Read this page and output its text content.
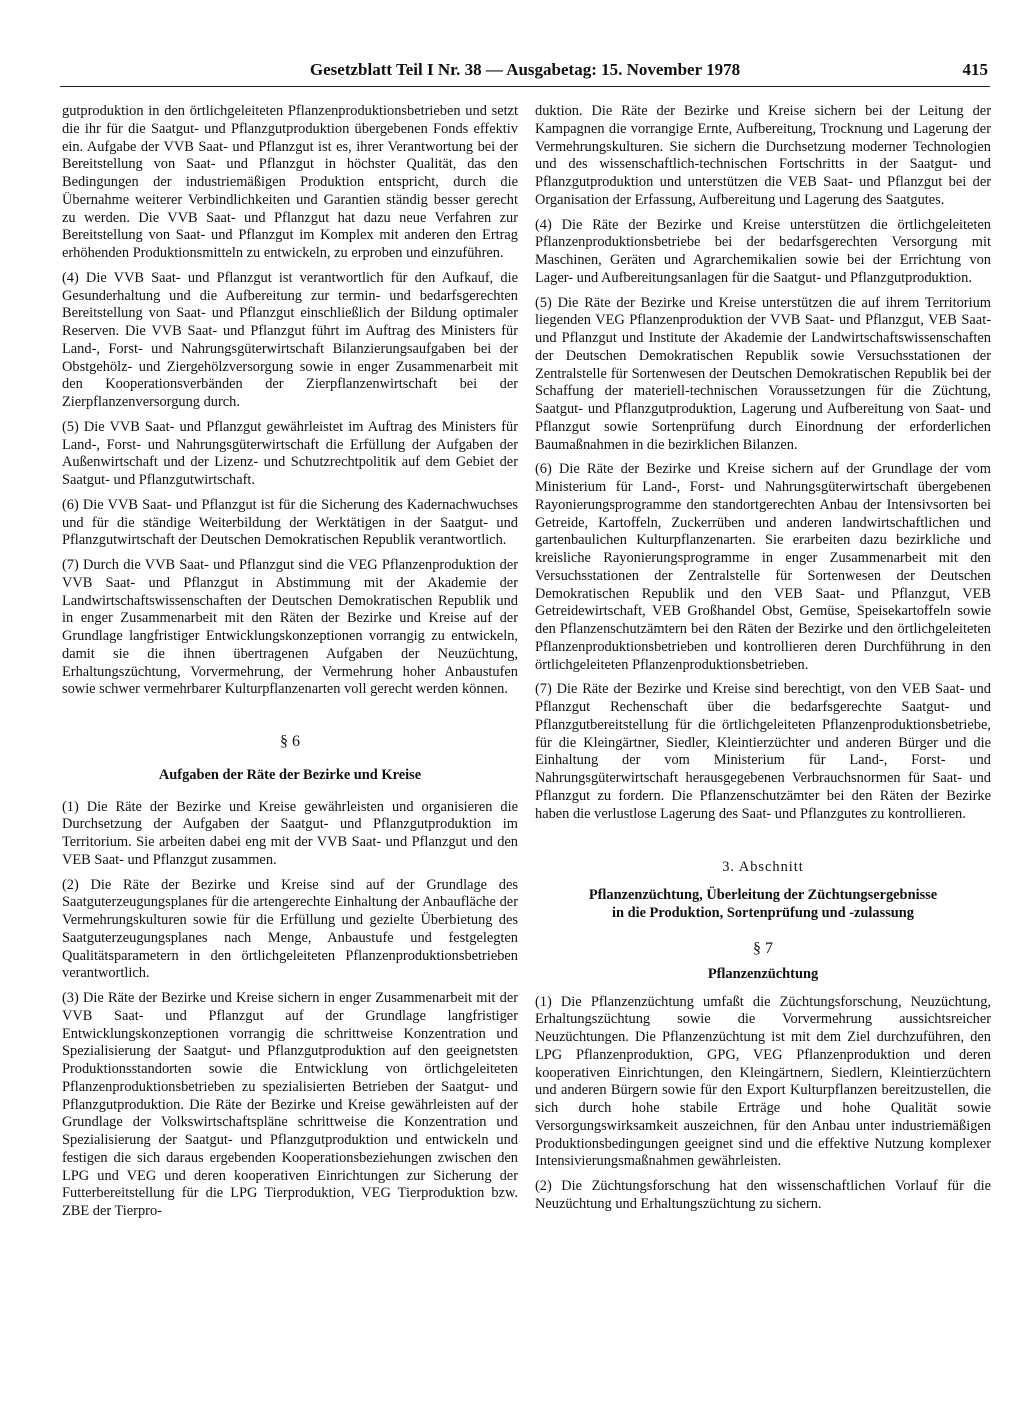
Gesetzblatt Teil I Nr. 38 — Ausgabetag: 15. November 1978	415

gutproduktion in den örtlichgeleiteten Pflanzenproduktionsbetrieben und setzt die ihr für die Saatgut- und Pflanzgutproduktion übergebenen Fonds effektiv ein. Aufgabe der VVB Saat- und Pflanzgut ist es, ihrer Verantwortung bei der Bereitstellung von Saat- und Pflanzgut in höchster Qualität, das den Bedingungen der industriemäßigen Produktion entspricht, durch die Übernahme weiterer Verbindlichkeiten und Garantien ständig besser gerecht zu werden. Die VVB Saat- und Pflanzgut hat dazu neue Verfahren zur Bereitstellung von Saat- und Pflanzgut im Komplex mit anderen den Ertrag erhöhenden Produktionsmitteln zu entwickeln, zu erproben und einzuführen.

(4) Die VVB Saat- und Pflanzgut ist verantwortlich für den Aufkauf, die Gesunderhaltung und die Aufbereitung zur termin- und bedarfsgerechten Bereitstellung von Saat- und Pflanzgut einschließlich der Bildung optimaler Reserven. Die VVB Saat- und Pflanzgut führt im Auftrag des Ministers für Land-, Forst- und Nahrungsgüterwirtschaft Bilanzierungsaufgaben bei der Obstgehölz- und Ziergehölzversorgung sowie in enger Zusammenarbeit mit den Kooperationsverbänden der Zierpflanzenwirtschaft bei der Zierpflanzenversorgung durch.

(5) Die VVB Saat- und Pflanzgut gewährleistet im Auftrag des Ministers für Land-, Forst- und Nahrungsgüterwirtschaft die Erfüllung der Aufgaben der Außenwirtschaft und der Lizenz- und Schutzrechtpolitik auf dem Gebiet der Saatgut- und Pflanzgutwirtschaft.

(6) Die VVB Saat- und Pflanzgut ist für die Sicherung des Kadernachwuchses und für die ständige Weiterbildung der Werktätigen in der Saatgut- und Pflanzgutwirtschaft der Deutschen Demokratischen Republik verantwortlich.

(7) Durch die VVB Saat- und Pflanzgut sind die VEG Pflanzenproduktion der VVB Saat- und Pflanzgut in Abstimmung mit der Akademie der Landwirtschaftswissenschaften der Deutschen Demokratischen Republik und in enger Zusammenarbeit mit den Räten der Bezirke und Kreise auf der Grundlage langfristiger Entwicklungskonzeptionen vorrangig zu entwickeln, damit sie die ihnen übertragenen Aufgaben der Neuzüchtung, Erhaltungszüchtung, Vorvermehrung, der Vermehrung hoher Anbaustufen sowie schwer vermehrbarer Kulturpflanzenarten voll gerecht werden können.

§ 6
Aufgaben der Räte der Bezirke und Kreise

(1) Die Räte der Bezirke und Kreise gewährleisten und organisieren die Durchsetzung der Aufgaben der Saatgut- und Pflanzgutproduktion im Territorium. Sie arbeiten dabei eng mit der VVB Saat- und Pflanzgut und den VEB Saat- und Pflanzgut zusammen.

(2) Die Räte der Bezirke und Kreise sind auf der Grundlage des Saatguterzeugungsplanes für die artengerechte Einhaltung der Anbaufläche der Vermehrungskulturen sowie für die Erfüllung und gezielte Überbietung des Saatguterzeugungsplanes nach Menge, Anbaustufe und festgelegten Qualitätsparametern in den örtlichgeleiteten Pflanzenproduktionsbetrieben verantwortlich.

(3) Die Räte der Bezirke und Kreise sichern in enger Zusammenarbeit mit der VVB Saat- und Pflanzgut auf der Grundlage langfristiger Entwicklungskonzeptionen vorrangig die schrittweise Konzentration und Spezialisierung der Saatgut- und Pflanzgutproduktion auf den geeignetsten Produktionsstandorten sowie die Entwicklung von örtlichgeleiteten Pflanzenproduktionsbetrieben zu spezialisierten Betrieben der Saatgut- und Pflanzgutproduktion. Die Räte der Bezirke und Kreise gewährleisten auf der Grundlage der Volkswirtschaftspläne schrittweise die Konzentration und Spezialisierung der Saatgut- und Pflanzgutproduktion und entwickeln und festigen die sich daraus ergebenden Kooperationsbeziehungen zwischen den LPG und VEG und deren kooperativen Einrichtungen zur Sicherung der Futterbereitstellung für die LPG Tierproduktion, VEG Tierproduktion bzw. ZBE der Tierpro-

duktion. Die Räte der Bezirke und Kreise sichern bei der Leitung der Kampagnen die vorrangige Ernte, Aufbereitung, Trocknung und Lagerung der Vermehrungskulturen. Sie sichern die Durchsetzung moderner Technologien und des wissenschaftlich-technischen Fortschritts in der Saatgut- und Pflanzgutproduktion und unterstützen die VEB Saat- und Pflanzgut bei der Organisation der Erfassung, Aufbereitung und Lagerung des Saatgutes.

(4) Die Räte der Bezirke und Kreise unterstützen die örtlichgeleiteten Pflanzenproduktionsbetriebe bei der bedarfsgerechten Versorgung mit Maschinen, Geräten und Agrarchemikalien sowie bei der Errichtung von Lager- und Aufbereitungsanlagen für die Saatgut- und Pflanzgutproduktion.

(5) Die Räte der Bezirke und Kreise unterstützen die auf ihrem Territorium liegenden VEG Pflanzenproduktion der VVB Saat- und Pflanzgut, VEB Saat- und Pflanzgut und Institute der Akademie der Landwirtschaftswissenschaften der Deutschen Demokratischen Republik sowie Versuchsstationen der Zentralstelle für Sortenwesen der Deutschen Demokratischen Republik bei der Schaffung der materiell-technischen Voraussetzungen für die Züchtung, Saatgut- und Pflanzgutproduktion, Lagerung und Aufbereitung von Saat- und Pflanzgut sowie Sortenprüfung durch Einordnung der erforderlichen Baumaßnahmen in die bezirklichen Bilanzen.

(6) Die Räte der Bezirke und Kreise sichern auf der Grundlage der vom Ministerium für Land-, Forst- und Nahrungsgüterwirtschaft übergebenen Rayonierungsprogramme den standortgerechten Anbau der Intensivsorten bei Getreide, Kartoffeln, Zuckerrüben und anderen landwirtschaftlichen und gartenbaulichen Kulturpflanzenarten. Sie erarbeiten dazu bezirkliche und kreisliche Rayonierungsprogramme in enger Zusammenarbeit mit den Versuchsstationen der Zentralstelle für Sortenwesen der Deutschen Demokratischen Republik und den VEB Saat- und Pflanzgut, VEB Getreidewirtschaft, VEB Großhandel Obst, Gemüse, Speisekartoffeln sowie den Pflanzenschutzämtern bei den Räten der Bezirke und den örtlichgeleiteten Pflanzenproduktionsbetrieben und kontrollieren deren Durchführung in den örtlichgeleiteten Pflanzenproduktionsbetrieben.

(7) Die Räte der Bezirke und Kreise sind berechtigt, von den VEB Saat- und Pflanzgut Rechenschaft über die bedarfsgerechte Saatgut- und Pflanzgutbereitstellung für die örtlichgeleiteten Pflanzenproduktionsbetriebe, für die Kleingärtner, Siedler, Kleintierzüchter und anderen Bürger und die Einhaltung der vom Ministerium für Land-, Forst- und Nahrungsgüterwirtschaft herausgegebenen Verbrauchsnormen für Saat- und Pflanzgut zu fordern. Die Pflanzenschutzämter bei den Räten der Bezirke haben die verlustlose Lagerung des Saat- und Pflanzgutes zu kontrollieren.

3. Abschnitt
Pflanzenzüchtung, Überleitung der Züchtungsergebnisse
in die Produktion, Sortenprüfung und -zulassung
§ 7
Pflanzenzüchtung

(1) Die Pflanzenzüchtung umfaßt die Züchtungsforschung, Neuzüchtung, Erhaltungszüchtung sowie die Vorvermehrung aussichtsreicher Neuzüchtungen. Die Pflanzenzüchtung ist mit dem Ziel durchzuführen, den LPG Pflanzenproduktion, GPG, VEG Pflanzenproduktion und deren kooperativen Einrichtungen, den Kleingärtnern, Siedlern, Kleintierzüchtern und anderen Bürgern sowie für den Export Kulturpflanzen bereitzustellen, die sich durch hohe stabile Erträge und hohe Qualität sowie Versorgungswirksamkeit auszeichnen, für den Anbau unter industriemäßigen Produktionsbedingungen geeignet sind und die effektive Nutzung komplexer Intensivierungsmaßnahmen gewährleisten.

(2) Die Züchtungsforschung hat den wissenschaftlichen Vorlauf für die Neuzüchtung und Erhaltungszüchtung zu sichern.
